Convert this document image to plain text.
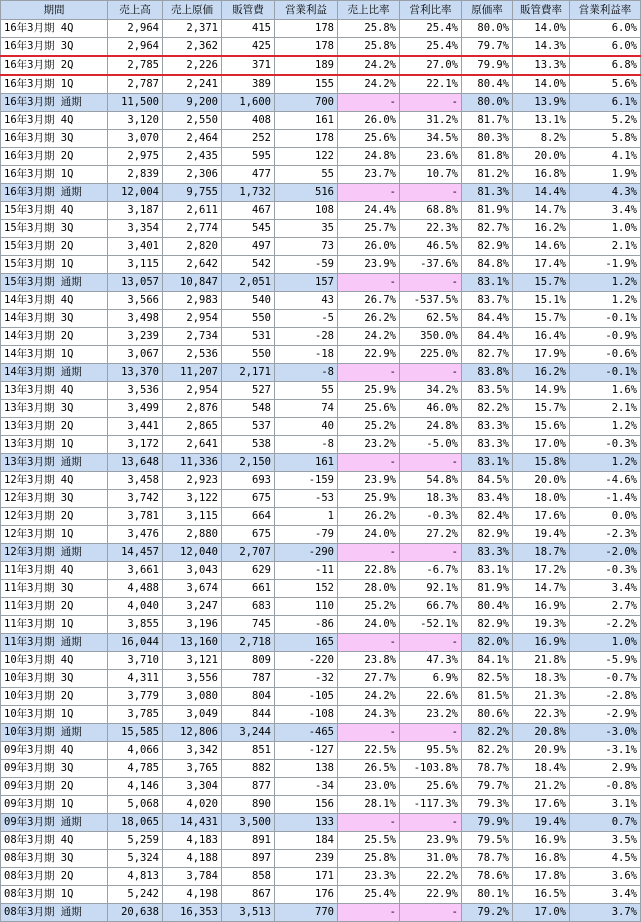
期間	売上高	売上原価	販管費	営業利益	売上比率	営利比率	原価率	販管費率	営業利益率
16年3月期 4Q	2,964	2,371	415	178	25.8%	25.4%	80.0%	14.0%	6.0%
16年3月期 3Q	2,964	2,362	425	178	25.8%	25.4%	79.7%	14.3%	6.0%
16年3月期 2Q	2,785	2,226	371	189	24.2%	27.0%	79.9%	13.3%	6.8%
16年3月期 1Q	2,787	2,241	389	155	24.2%	22.1%	80.4%	14.0%	5.6%
16年3月期 通期	11,500	9,200	1,600	700	-	-	80.0%	13.9%	6.1%
16年3月期 4Q	3,120	2,550	408	161	26.0%	31.2%	81.7%	13.1%	5.2%
16年3月期 3Q	3,070	2,464	252	178	25.6%	34.5%	80.3%	8.2%	5.8%
16年3月期 2Q	2,975	2,435	595	122	24.8%	23.6%	81.8%	20.0%	4.1%
16年3月期 1Q	2,839	2,306	477	55	23.7%	10.7%	81.2%	16.8%	1.9%
16年3月期 通期	12,004	9,755	1,732	516	-	-	81.3%	14.4%	4.3%
15年3月期 4Q	3,187	2,611	467	108	24.4%	68.8%	81.9%	14.7%	3.4%
15年3月期 3Q	3,354	2,774	545	35	25.7%	22.3%	82.7%	16.2%	1.0%
15年3月期 2Q	3,401	2,820	497	73	26.0%	46.5%	82.9%	14.6%	2.1%
15年3月期 1Q	3,115	2,642	542	-59	23.9%	-37.6%	84.8%	17.4%	-1.9%
15年3月期 通期	13,057	10,847	2,051	157	-	-	83.1%	15.7%	1.2%
14年3月期 4Q	3,566	2,983	540	43	26.7%	-537.5%	83.7%	15.1%	1.2%
14年3月期 3Q	3,498	2,954	550	-5	26.2%	62.5%	84.4%	15.7%	-0.1%
14年3月期 2Q	3,239	2,734	531	-28	24.2%	350.0%	84.4%	16.4%	-0.9%
14年3月期 1Q	3,067	2,536	550	-18	22.9%	225.0%	82.7%	17.9%	-0.6%
14年3月期 通期	13,370	11,207	2,171	-8	-	-	83.8%	16.2%	-0.1%
13年3月期 4Q	3,536	2,954	527	55	25.9%	34.2%	83.5%	14.9%	1.6%
13年3月期 3Q	3,499	2,876	548	74	25.6%	46.0%	82.2%	15.7%	2.1%
13年3月期 2Q	3,441	2,865	537	40	25.2%	24.8%	83.3%	15.6%	1.2%
13年3月期 1Q	3,172	2,641	538	-8	23.2%	-5.0%	83.3%	17.0%	-0.3%
13年3月期 通期	13,648	11,336	2,150	161	-	-	83.1%	15.8%	1.2%
12年3月期 4Q	3,458	2,923	693	-159	23.9%	54.8%	84.5%	20.0%	-4.6%
12年3月期 3Q	3,742	3,122	675	-53	25.9%	18.3%	83.4%	18.0%	-1.4%
12年3月期 2Q	3,781	3,115	664	1	26.2%	-0.3%	82.4%	17.6%	0.0%
12年3月期 1Q	3,476	2,880	675	-79	24.0%	27.2%	82.9%	19.4%	-2.3%
12年3月期 通期	14,457	12,040	2,707	-290	-	-	83.3%	18.7%	-2.0%
11年3月期 4Q	3,661	3,043	629	-11	22.8%	-6.7%	83.1%	17.2%	-0.3%
11年3月期 3Q	4,488	3,674	661	152	28.0%	92.1%	81.9%	14.7%	3.4%
11年3月期 2Q	4,040	3,247	683	110	25.2%	66.7%	80.4%	16.9%	2.7%
11年3月期 1Q	3,855	3,196	745	-86	24.0%	-52.1%	82.9%	19.3%	-2.2%
11年3月期 通期	16,044	13,160	2,718	165	-	-	82.0%	16.9%	1.0%
10年3月期 4Q	3,710	3,121	809	-220	23.8%	47.3%	84.1%	21.8%	-5.9%
10年3月期 3Q	4,311	3,556	787	-32	27.7%	6.9%	82.5%	18.3%	-0.7%
10年3月期 2Q	3,779	3,080	804	-105	24.2%	22.6%	81.5%	21.3%	-2.8%
10年3月期 1Q	3,785	3,049	844	-108	24.3%	23.2%	80.6%	22.3%	-2.9%
10年3月期 通期	15,585	12,806	3,244	-465	-	-	82.2%	20.8%	-3.0%
09年3月期 4Q	4,066	3,342	851	-127	22.5%	95.5%	82.2%	20.9%	-3.1%
09年3月期 3Q	4,785	3,765	882	138	26.5%	-103.8%	78.7%	18.4%	2.9%
09年3月期 2Q	4,146	3,304	877	-34	23.0%	25.6%	79.7%	21.2%	-0.8%
09年3月期 1Q	5,068	4,020	890	156	28.1%	-117.3%	79.3%	17.6%	3.1%
09年3月期 通期	18,065	14,431	3,500	133	-	-	79.9%	19.4%	0.7%
08年3月期 4Q	5,259	4,183	891	184	25.5%	23.9%	79.5%	16.9%	3.5%
08年3月期 3Q	5,324	4,188	897	239	25.8%	31.0%	78.7%	16.8%	4.5%
08年3月期 2Q	4,813	3,784	858	171	23.3%	22.2%	78.6%	17.8%	3.6%
08年3月期 1Q	5,242	4,198	867	176	25.4%	22.9%	80.1%	16.5%	3.4%
08年3月期 通期	20,638	16,353	3,513	770	-	-	79.2%	17.0%	3.7%
